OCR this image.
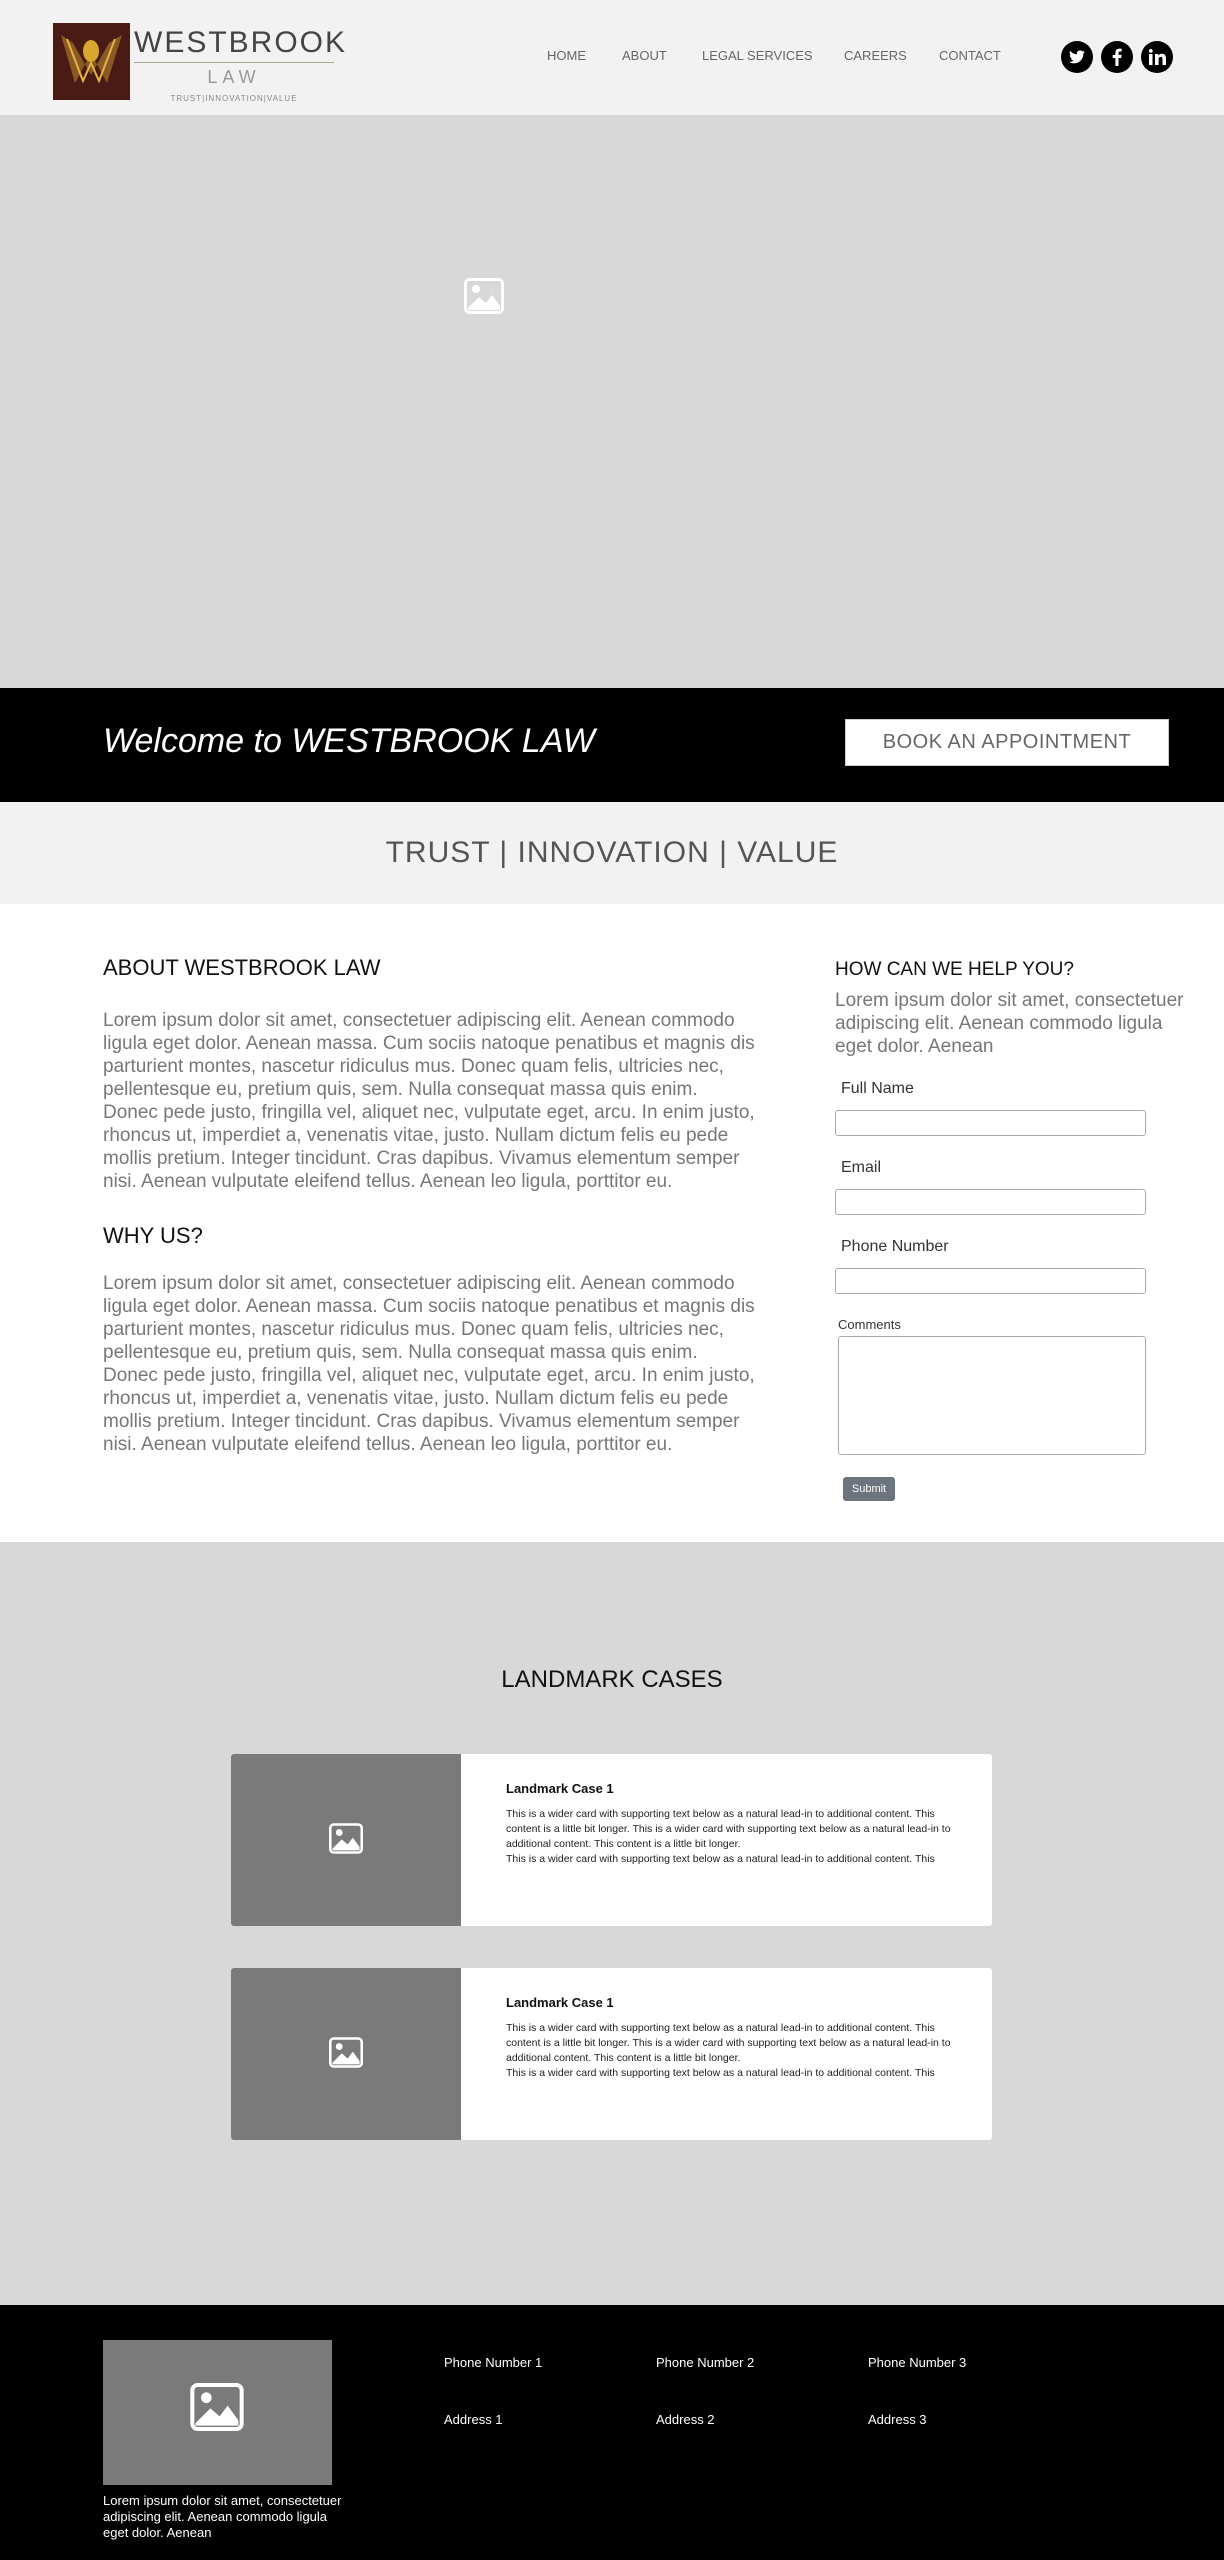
WESTBROOK
LAW
TRUST|INNOVATION|VALUE
HOME	ABOUT	LEGAL SERVICES CAREERS CONTACT
Welcome to WESTBROOK LAW	BOOK AN APPOINTMENT
TRUST | INNOVATION | VALUE
ABOUT WESTBROOK LAW
Lorem ipsum dolor sit amet, consectetuer adipiscing elit. Aenean commodo ligula eget dolor. Aenean massa. Cum sociis natoque penatibus et magnis dis parturient montes, nascetur ridiculus mus. Donec quam felis, ultricies nec, pellentesque eu, pretium quis, sem. Nulla consequat massa quis enim. Donec pede justo, fringilla vel, aliquet nec, vulputate eget, arcu. In enim justo, rhoncus ut, imperdiet a, venenatis vitae, justo. Nullam dictum felis eu pede mollis pretium. Integer tincidunt. Cras dapibus. Vivamus elementum semper nisi. Aenean vulputate eleifend tellus. Aenean leo ligula, porttitor eu.
WHY US?
Lorem ipsum dolor sit amet, consectetuer adipiscing elit. Aenean commodo ligula eget dolor. Aenean massa. Cum sociis natoque penatibus et magnis dis parturient montes, nascetur ridiculus mus. Donec quam felis, ultricies nec, pellentesque eu, pretium quis, sem. Nulla consequat massa quis enim. Donec pede justo, fringilla vel, aliquet nec, vulputate eget, arcu. In enim justo, rhoncus ut, imperdiet a, venenatis vitae, justo. Nullam dictum felis eu pede mollis pretium. Integer tincidunt. Cras dapibus. Vivamus elementum semper nisi. Aenean vulputate eleifend tellus. Aenean leo ligula, porttitor eu.
HOW CAN WE HELP YOU?
Lorem ipsum dolor sit amet, consectetuer adipiscing elit. Aenean commodo ligula eget dolor. Aenean
Full Name
Email
Phone Number
Comments
Submit
LANDMARK CASES
Landmark Case 1
This is a wider card with supporting text below as a natural lead-in to additional content. This content is a little bit longer. This is a wider card with supporting text below as a natural lead-in to additional content. This content is a little bit longer.
This is a wider card with supporting text below as a natural lead-in to additional content. This
Landmark Case 1
This is a wider card with supporting text below as a natural lead-in to additional content. This content is a little bit longer. This is a wider card with supporting text below as a natural lead-in to additional content. This content is a little bit longer.
This is a wider card with supporting text below as a natural lead-in to additional content. This
Lorem ipsum dolor sit amet, consectetuer adipiscing elit. Aenean commodo ligula eget dolor. Aenean
Phone Number 1	Phone Number 2	Phone Number 3
Address 1	Address 2	Address 3
